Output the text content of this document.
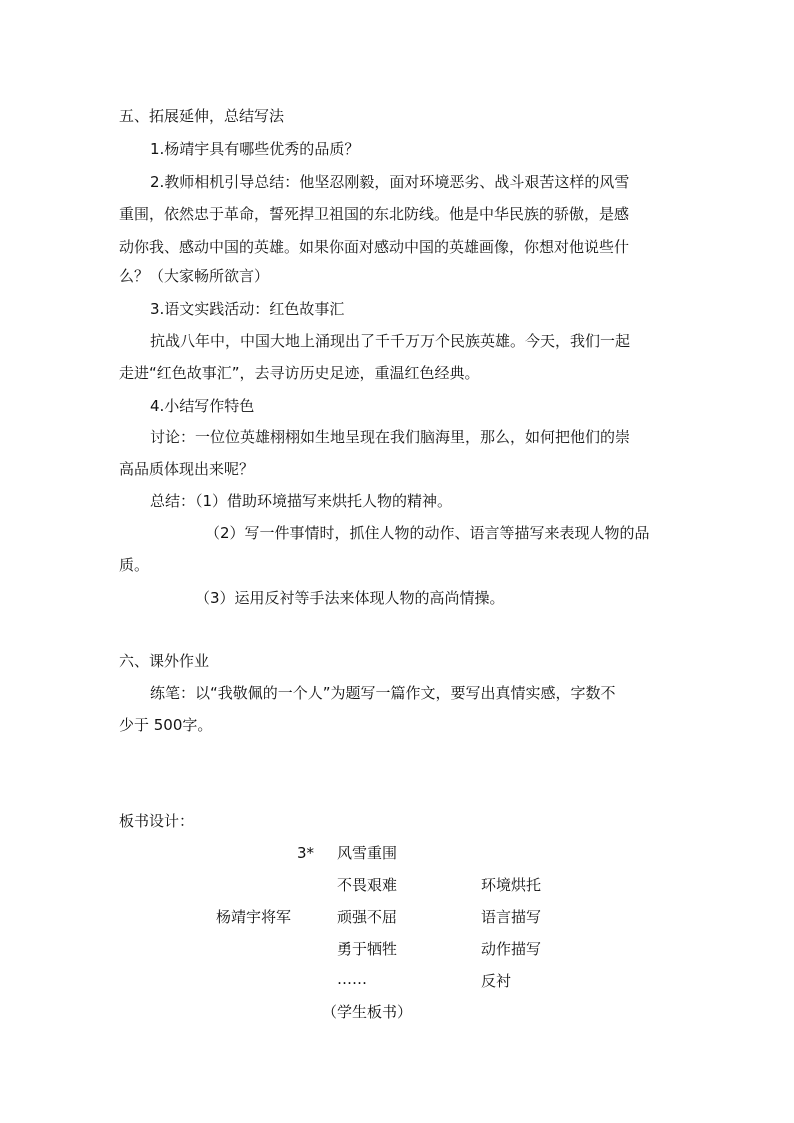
五、拓展延伸，总结写法
1.杨靖宇具有哪些优秀的品质？
2.教师相机引导总结：他坚忍刚毅，面对环境恶劣、战斗艰苦这样的风雪
重围，依然忠于革命，誓死捍卫祖国的东北防线。他是中华民族的骄傲，是感
动你我、感动中国的英雄。如果你面对感动中国的英雄画像，你想对他说些什
么？（大家畅所欲言）
3.语文实践活动：红色故事汇
抗战八年中，中国大地上涌现出了千千万万个民族英雄。今天，我们一起
走进“红色故事汇”，去寻访历史足迹，重温红色经典。
4.小结写作特色
讨论：一位位英雄栩栩如生地呈现在我们脑海里，那么，如何把他们的崇
高品质体现出来呢？
总结：（1）借助环境描写来烘托人物的精神。
（2）写一件事情时，抓住人物的动作、语言等描写来表现人物的品
质。
（3）运用反衬等手法来体现人物的高尚情操。
六、课外作业
练笔：以“我敬佩的一个人”为题写一篇作文，要写出真情实感，字数不
少于 500字。
板书设计：
3* 风雪重围
不畏艰难	环境烘托
杨靖宇将军	顽强不屈	语言描写
勇于牺牲	动作描写
……	反衬
（学生板书）
